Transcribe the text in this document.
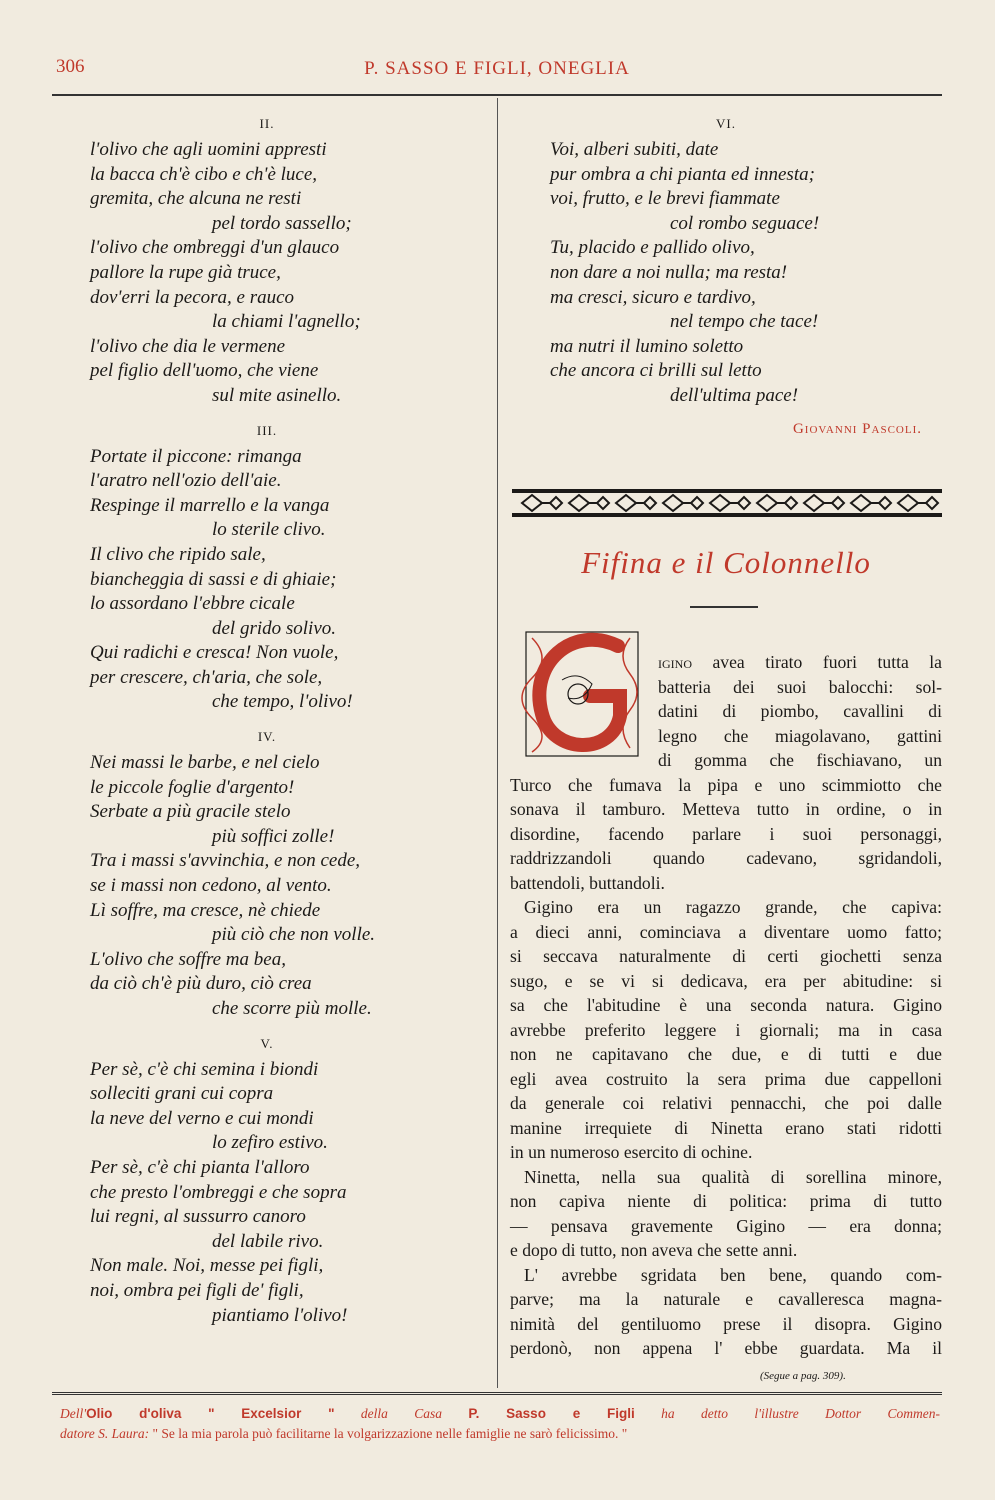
306	P. SASSO E FIGLI, ONEGLIA
II.
l'olivo che agli uomini appresti
la bacca ch'è cibo e ch'è luce,
gremita, che alcuna ne resti
pel tordo sassello;
l'olivo che ombreggi d'un glauco
pallore la rupe già truce,
dov'erri la pecora, e rauco
la chiami l'agnello;
l'olivo che dia le vermene
pel figlio dell'uomo, che viene
sul mite asinello.
III.
Portate il piccone: rimanga
l'aratro nell'ozio dell'aie.
Respinge il marrello e la vanga
lo sterile clivo.
Il clivo che ripido sale,
biancheggia di sassi e di ghiaie;
lo assordano l'ebbre cicale
del grido solivo.
Qui radichi e cresca! Non vuole,
per crescere, ch'aria, che sole,
che tempo, l'olivo!
IV.
Nei massi le barbe, e nel cielo
le piccole foglie d'argento!
Serbate a più gracile stelo
più soffici zolle!
Tra i massi s'avvinchia, e non cede,
se i massi non cedono, al vento.
Lì soffre, ma cresce, nè chiede
più ciò che non volle.
L'olivo che soffre ma bea,
da ciò ch'è più duro, ciò crea
che scorre più molle.
V.
Per sè, c'è chi semina i biondi
solleciti grani cui copra
la neve del verno e cui mondi
lo zefiro estivo.
Per sè, c'è chi pianta l'alloro
che presto l'ombreggi e che sopra
lui regni, al sussurro canoro
del labile rivo.
Non male. Noi, messe pei figli,
noi, ombra pei figli de' figli,
piantiamo l'olivo!
VI.
Voi, alberi subiti, date
pur ombra a chi pianta ed innesta;
voi, frutto, e le brevi fiammate
col rombo seguace!
Tu, placido e pallido olivo,
non dare a noi nulla; ma resta!
ma cresci, sicuro e tardivo,
nel tempo che tace!
ma nutri il lumino soletto
che ancora ci brilli sul letto
dell'ultima pace!
Giovanni Pascoli.
Fifina e il Colonnello
igino avea tirato fuori tutta la
batteria dei suoi balocchi: sol-
datini di piombo, cavallini di
legno che miagolavano, gattini
di gomma che fischiavano, un
Turco che fumava la pipa e uno scimmiotto che
sonava il tamburo. Metteva tutto in ordine, o in
disordine, facendo parlare i suoi personaggi,
raddrizzandoli quando cadevano, sgridandoli,
battendoli, buttandoli.
Gigino era un ragazzo grande, che capiva:
a dieci anni, cominciava a diventare uomo fatto;
si seccava naturalmente di certi giochetti senza
sugo, e se vi si dedicava, era per abitudine: si
sa che l'abitudine è una seconda natura. Gigino
avrebbe preferito leggere i giornali; ma in casa
non ne capitavano che due, e di tutti e due
egli avea costruito la sera prima due cappelloni
da generale coi relativi pennacchi, che poi dalle
manine irrequiete di Ninetta erano stati ridotti
in un numeroso esercito di ochine.
Ninetta, nella sua qualità di sorellina minore,
non capiva niente di politica: prima di tutto
— pensava gravemente Gigino — era donna;
e dopo di tutto, non aveva che sette anni.
L' avrebbe sgridata ben bene, quando com-
parve; ma la naturale e cavalleresca magna-
nimità del gentiluomo prese il disopra. Gigino
perdonò, non appena l' ebbe guardata. Ma il
(Segue a pag. 309).
Dell'Olio d'oliva " Excelsior " della Casa P. Sasso e Figli ha detto l'illustre Dottor Commen-
datore S. Laura: " Se la mia parola può facilitarne la volgarizzazione nelle famiglie ne sarò felicissimo. "
